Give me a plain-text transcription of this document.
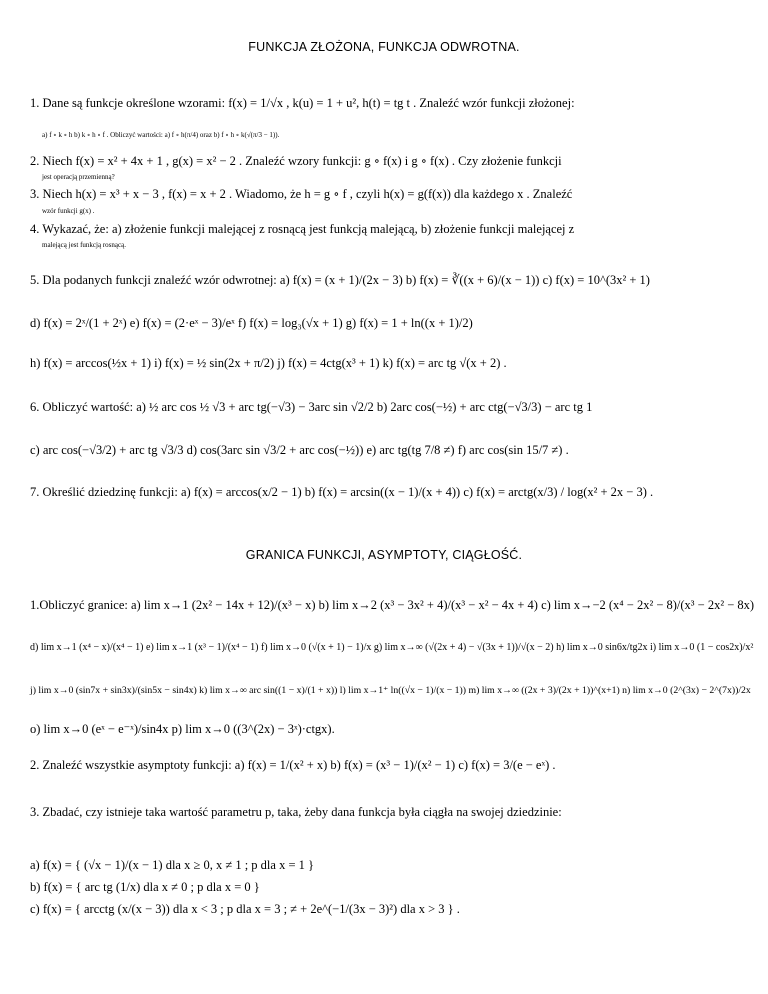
FUNKCJA ZŁOŻONA, FUNKCJA ODWROTNA.
1. Dane są funkcje określone wzorami: f(x) = 1/√x , k(u) = 1 + u², h(t) = tg t . Znaleźć wzór funkcji złożonej:
a) f ∘ k ∘ h b) k ∘ h ∘ f . Obliczyć wartości: a) f ∘ h(π/4) oraz b) f ∘ h ∘ k(√(π/3 − 1)).
2. Niech f(x) = x² + 4x + 1 , g(x) = x² − 2 . Znaleźć wzory funkcji: g ∘ f(x) i g ∘ f(x) . Czy złożenie funkcji
jest operacją przemienną?
3. Niech h(x) = x³ + x − 3 , f(x) = x + 2 . Wiadomo, że h = g ∘ f , czyli h(x) = g(f(x)) dla każdego x . Znaleźć
wzór funkcji g(x) .
4. Wykazać, że: a) złożenie funkcji malejącej z rosnącą jest funkcją malejącą, b) złożenie funkcji malejącej z
malejącą jest funkcją rosnącą.
5. Dla podanych funkcji znaleźć wzór odwrotnej: a) f(x) = (x + 1)/(2x − 3) b) f(x) = ∛((x + 6)/(x − 1)) c) f(x) = 10^(3x² + 1)
d) f(x) = 2ˣ/(1 + 2ˣ) e) f(x) = (2·eˣ − 3)/eˣ f) f(x) = log₃(√x + 1) g) f(x) = 1 + ln((x + 1)/2)
h) f(x) = arccos(½x + 1) i) f(x) = ½ sin(2x + π/2) j) f(x) = 4ctg(x³ + 1) k) f(x) = arc tg √(x + 2) .
6. Obliczyć wartość: a) ½ arc cos ½ √3 + arc tg(−√3) − 3arc sin √2/2 b) 2arc cos(−½) + arc ctg(−√3/3) − arc tg 1
c) arc cos(−√3/2) + arc tg √3/3 d) cos(3arc sin √3/2 + arc cos(−½)) e) arc tg(tg 7/8 ≠) f) arc cos(sin 15/7 ≠) .
7. Określić dziedzinę funkcji: a) f(x) = arccos(x/2 − 1) b) f(x) = arcsin((x − 1)/(x + 4)) c) f(x) = arctg(x/3) / log(x² + 2x − 3) .
GRANICA FUNKCJI, ASYMPTOTY, CIĄGŁOŚĆ.
1.Obliczyć granice: a) lim x→1 (2x² − 14x + 12)/(x³ − x) b) lim x→2 (x³ − 3x² + 4)/(x³ − x² − 4x + 4) c) lim x→−2 (x⁴ − 2x² − 8)/(x³ − 2x² − 8x)
d) lim x→1 (x⁴ − x)/(x⁴ − 1) e) lim x→1 (x³ − 1)/(x⁴ − 1) f) lim x→0 (√(x + 1) − 1)/x g) lim x→∞ (√(2x + 4) − √(3x + 1))/√(x − 2) h) lim x→0 sin6x/tg2x i) lim x→0 (1 − cos2x)/x²
j) lim x→0 (sin7x + sin3x)/(sin5x − sin4x) k) lim x→∞ arc sin((1 − x)/(1 + x)) l) lim x→1⁺ ln((√x − 1)/(x − 1)) m) lim x→∞ ((2x + 3)/(2x + 1))^(x+1) n) lim x→0 (2^(3x) − 2^(7x))/2x
o) lim x→0 (eˣ − e⁻ˣ)/sin4x p) lim x→0 ((3^(2x) − 3ˣ)·ctgx).
2. Znaleźć wszystkie asymptoty funkcji: a) f(x) = 1/(x² + x) b) f(x) = (x³ − 1)/(x² − 1) c) f(x) = 3/(e − eˣ) .
3. Zbadać, czy istnieje taka wartość parametru p, taka, żeby dana funkcja była ciągła na swojej dziedzinie:
a) f(x) = { (√x − 1)/(x − 1) dla x ≥ 0, x ≠ 1 ; p dla x = 1 }
b) f(x) = { arc tg (1/x) dla x ≠ 0 ; p dla x = 0 }
c) f(x) = { arcctg (x/(x − 3)) dla x < 3 ; p dla x = 3 ; ≠ + 2e^(−1/(3x − 3)²) dla x > 3 } .
